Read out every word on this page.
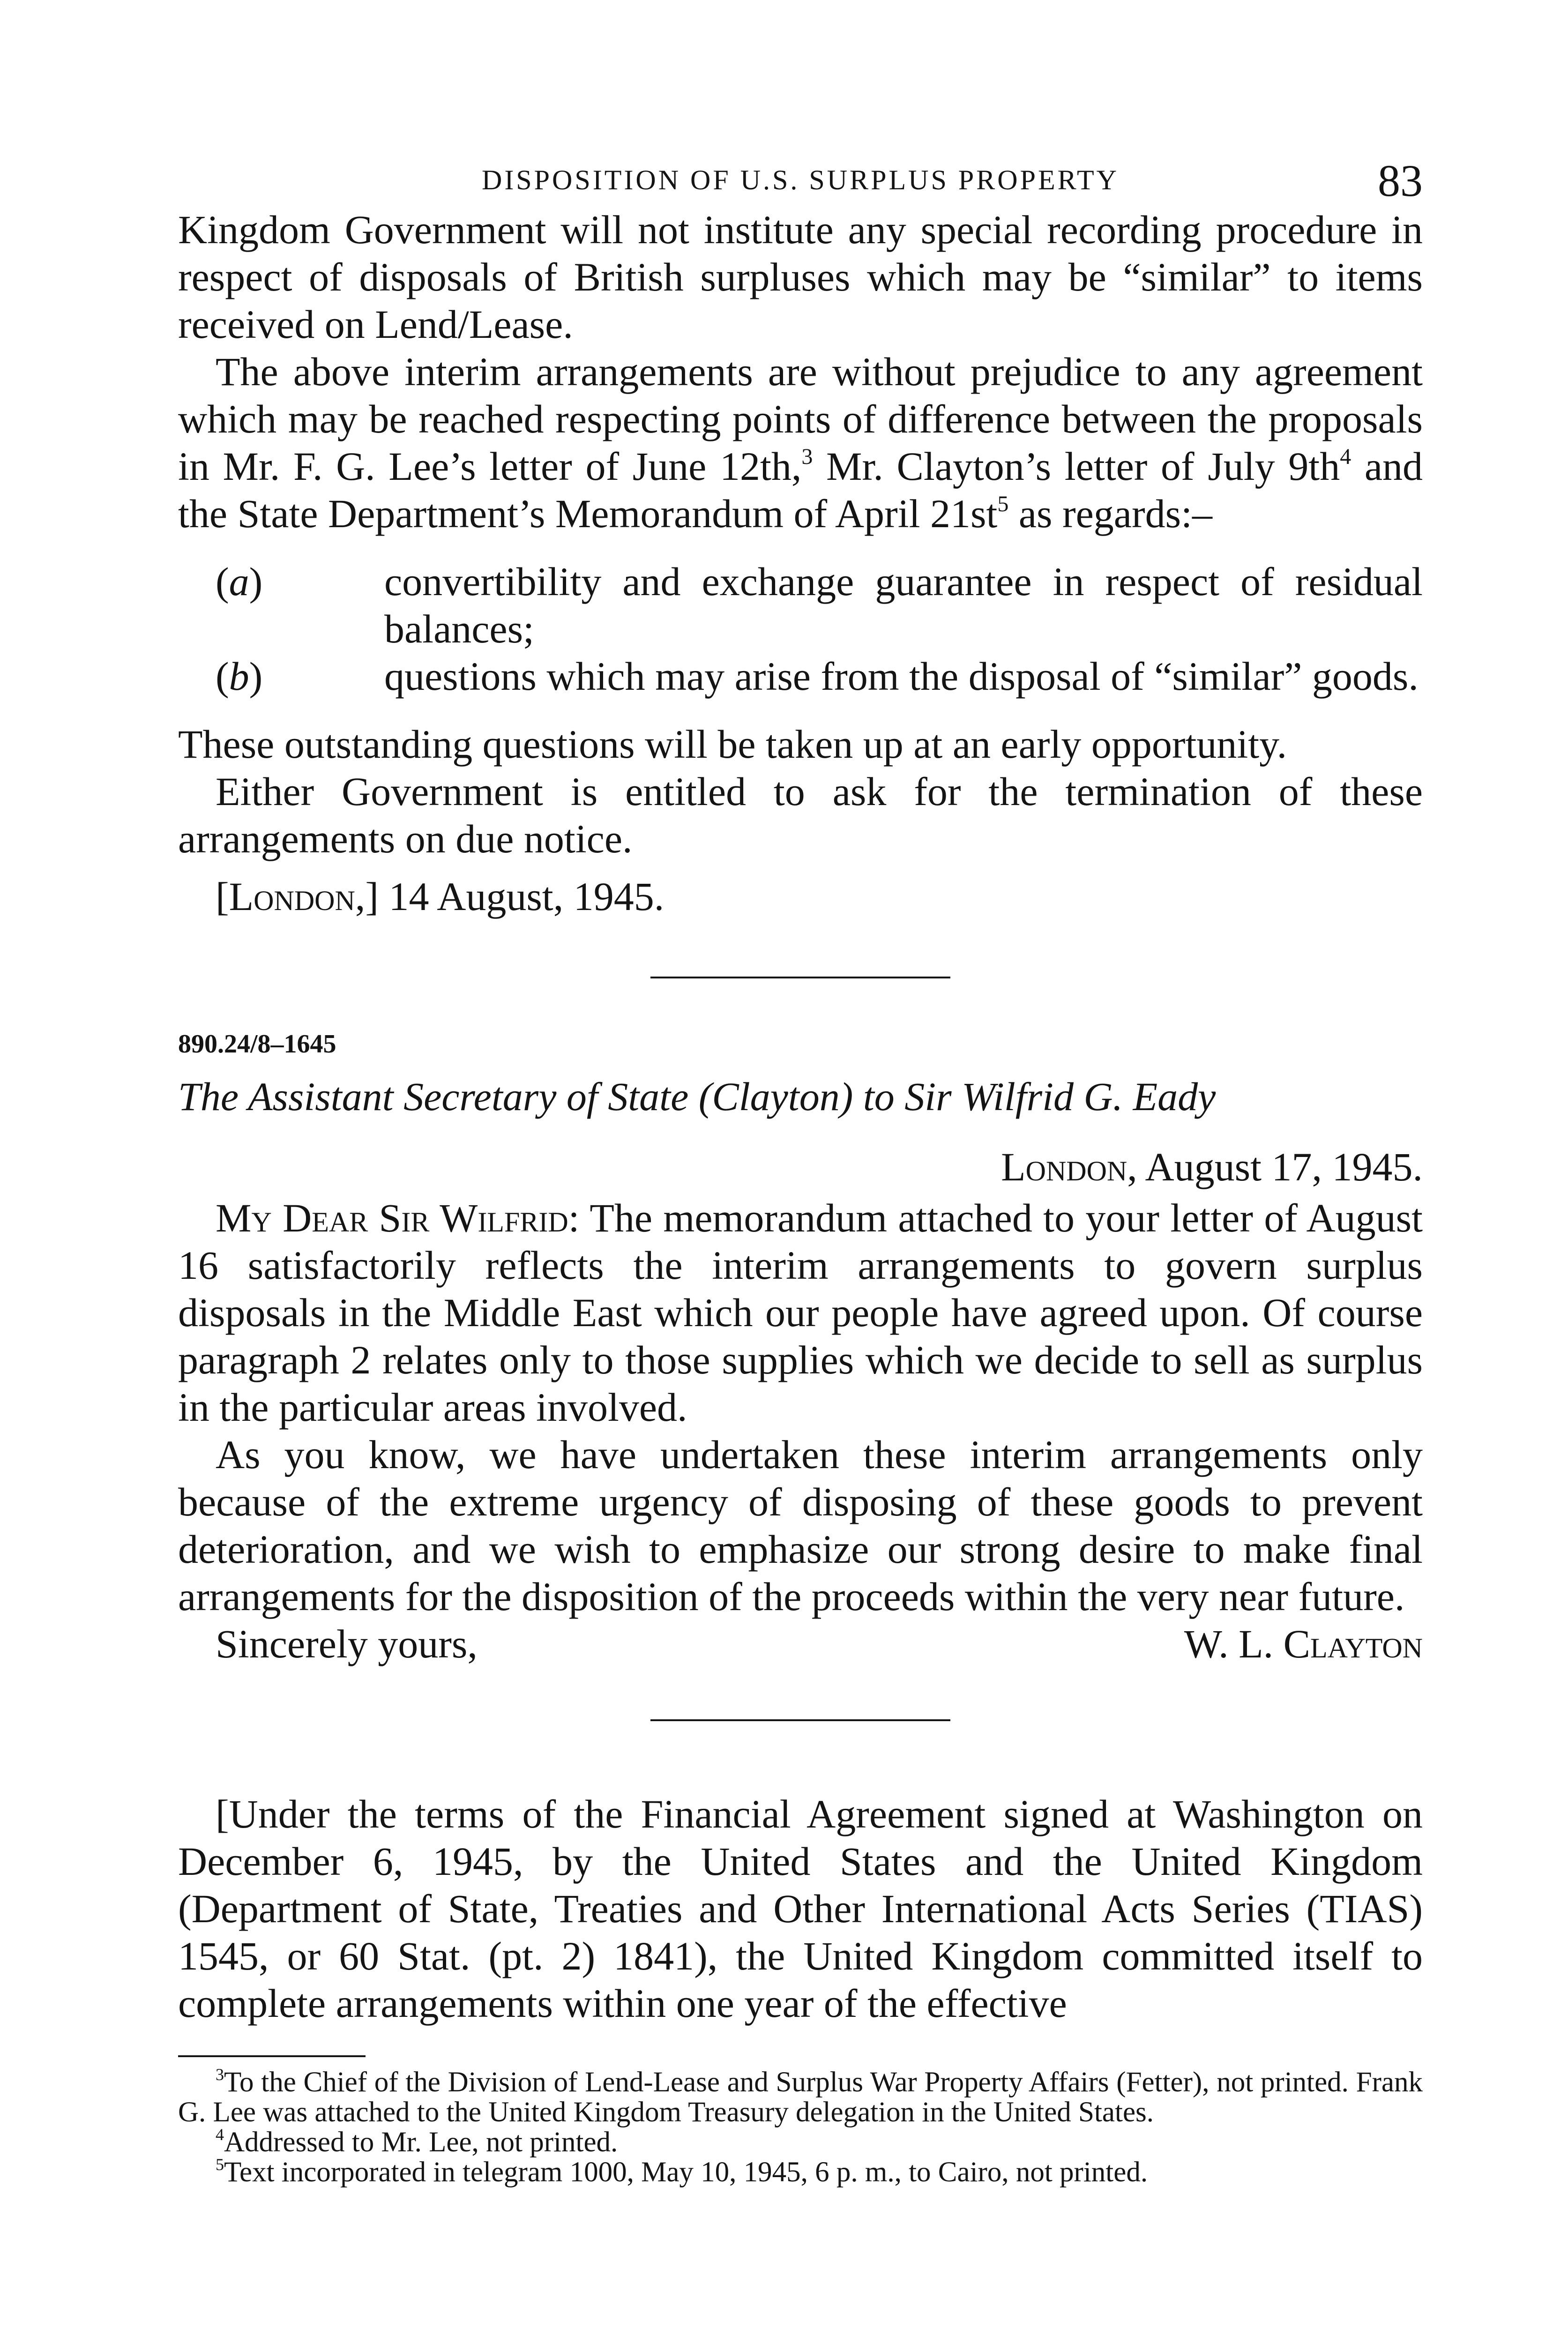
DISPOSITION OF U.S. SURPLUS PROPERTY	83

Kingdom Government will not institute any special recording procedure in respect of disposals of British surpluses which may be “similar” to items received on Lend/Lease.

The above interim arrangements are without prejudice to any agreement which may be reached respecting points of difference between the proposals in Mr. F. G. Lee’s letter of June 12th,$^3$ Mr. Clayton’s letter of July $9th^4$ and the State Department’s Memorandum of April $21st^5$ as regards:–

(a)	convertibility and exchange guarantee in respect of residual balances;
(b)	questions which may arise from the disposal of “similar” goods.

These outstanding questions will be taken up at an early opportunity.

Either Government is entitled to ask for the termination of these arrangements on due notice.

[London,] 14 August, 1945.

890.24/8–1645
The Assistant Secretary of State (Clayton) to Sir Wilfrid G. Eady
London, August 17, 1945.

My Dear Sir Wilfrid: The memorandum attached to your letter of August 16 satisfactorily reflects the interim arrangements to govern surplus disposals in the Middle East which our people have agreed upon. Of course paragraph 2 relates only to those supplies which we decide to sell as surplus in the particular areas involved.

As you know, we have undertaken these interim arrangements only because of the extreme urgency of disposing of these goods to prevent deterioration, and we wish to emphasize our strong desire to make final arrangements for the disposition of the proceeds within the very near future.

Sincerely yours,	W. L. Clayton

[Under the terms of the Financial Agreement signed at Washington on December 6, 1945, by the United States and the United Kingdom (Department of State, Treaties and Other International Acts Series (TIAS) 1545, or 60 Stat. (pt. 2) 1841), the United Kingdom committed itself to complete arrangements within one year of the effective

$^3$To the Chief of the Division of Lend-Lease and Surplus War Property Affairs (Fetter), not printed. Frank G. Lee was attached to the United Kingdom Treasury delegation in the United States.

$^4$Addressed to Mr. Lee, not printed.

$^5$Text incorporated in telegram 1000, May 10, 1945, 6 p. m., to Cairo, not printed.
